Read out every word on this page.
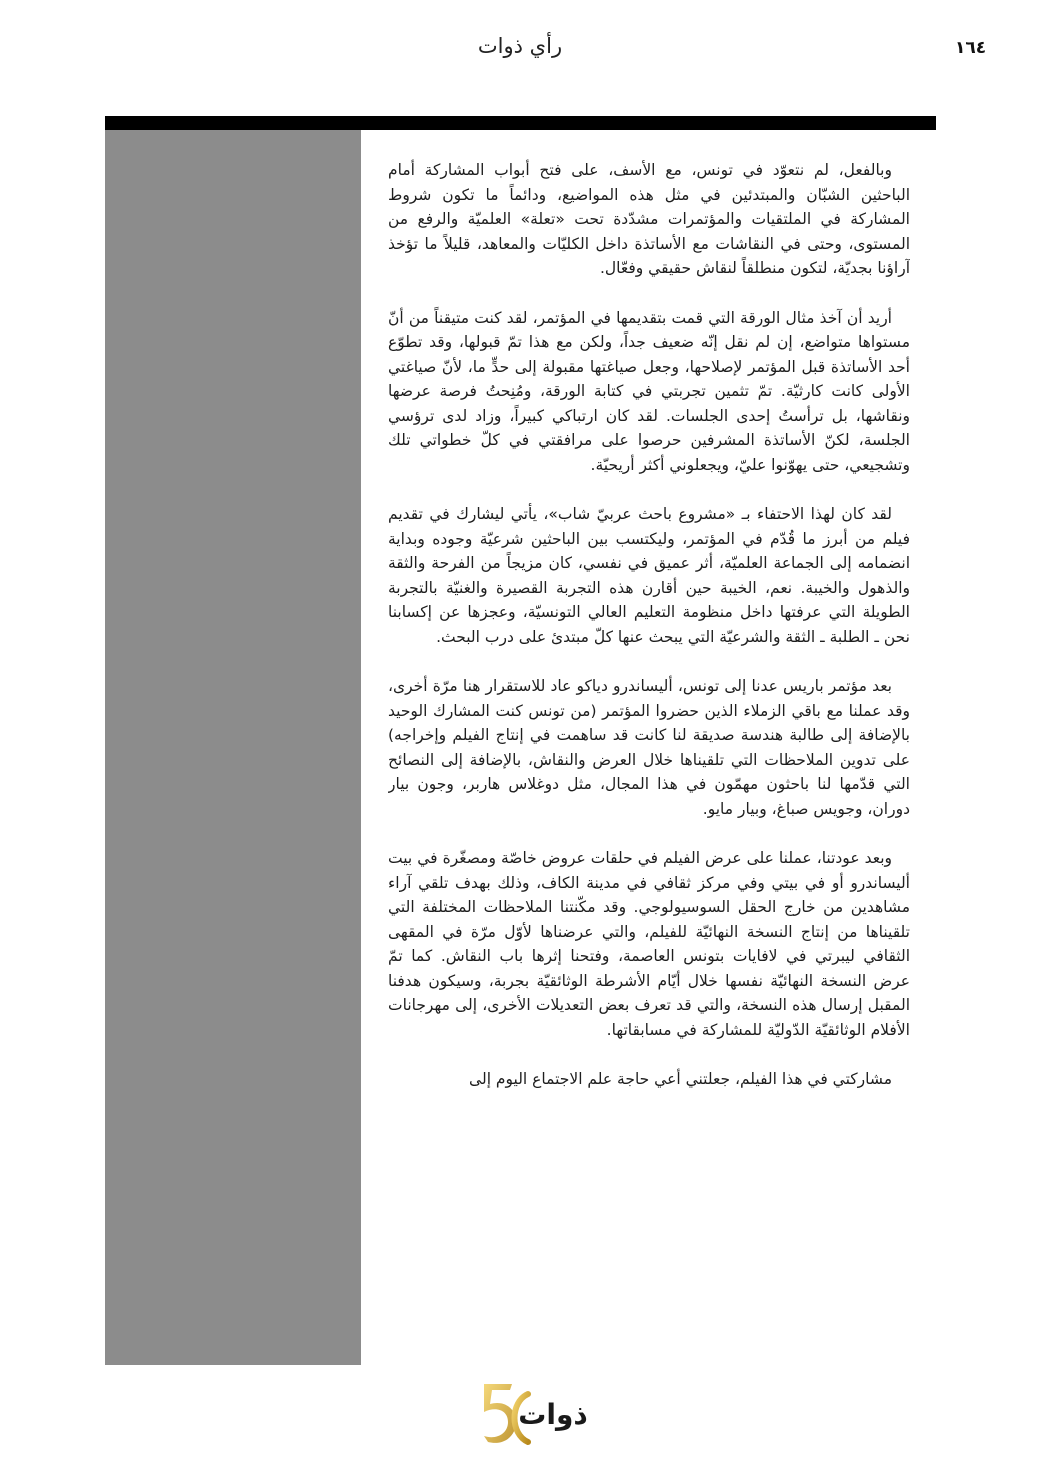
رأي ذوات	١٦٤

وبالفعل، لم نتعوّد في تونس، مع الأسف، على فتح أبواب المشاركة أمام الباحثين الشبّان والمبتدئين في مثل هذه المواضيع، ودائماً ما تكون شروط المشاركة في الملتقيات والمؤتمرات مشدّدة تحت «تعلة» العلميّة والرفع من المستوى، وحتى في النقاشات مع الأساتذة داخل الكليّات والمعاهد، قليلاً ما تؤخذ آراؤنا بجديّة، لتكون منطلقاً لنقاش حقيقي وفعّال.

أريد أن آخذ مثال الورقة التي قمت بتقديمها في المؤتمر، لقد كنت متيقناً من أنّ مستواها متواضع، إن لم نقل إنّه ضعيف جداً، ولكن مع هذا تمّ قبولها، وقد تطوّع أحد الأساتذة قبل المؤتمر لإصلاحها، وجعل صياغتها مقبولة إلى حدٍّ ما، لأنّ صياغتي الأولى كانت كارثيّة. تمّ تثمين تجربتي في كتابة الورقة، ومُنِحتُ فرصة عرضها ونقاشها، بل ترأستُ إحدى الجلسات. لقد كان ارتباكي كبيراً، وزاد لدى ترؤسي الجلسة، لكنّ الأساتذة المشرفين حرصوا على مرافقتي في كلّ خطواتي تلك وتشجيعي، حتى يهوّنوا عليّ، ويجعلوني أكثر أريحيّة.

لقد كان لهذا الاحتفاء بـ «مشروع باحث عربيّ شاب»، يأتي ليشارك في تقديم فيلم من أبرز ما قُدّم في المؤتمر، وليكتسب بين الباحثين شرعيّة وجوده وبداية انضمامه إلى الجماعة العلميّة، أثر عميق في نفسي، كان مزيجاً من الفرحة والثقة والذهول والخيبة. نعم، الخيبة حين أقارن هذه التجربة القصيرة والغنيّة بالتجربة الطويلة التي عرفتها داخل منظومة التعليم العالي التونسيّة، وعجزها عن إكسابنا نحن ـ الطلبة ـ الثقة والشرعيّة التي يبحث عنها كلّ مبتدئ على درب البحث.

بعد مؤتمر باريس عدنا إلى تونس، أليساندرو دياكو عاد للاستقرار هنا مرّة أخرى، وقد عملنا مع باقي الزملاء الذين حضروا المؤتمر (من تونس كنت المشارك الوحيد بالإضافة إلى طالبة هندسة صديقة لنا كانت قد ساهمت في إنتاج الفيلم وإخراجه) على تدوين الملاحظات التي تلقيناها خلال العرض والنقاش، بالإضافة إلى النصائح التي قدّمها لنا باحثون مهمّون في هذا المجال، مثل دوغلاس هاربر، وجون بيار دوران، وجويس صباغ، وبيار مايو.

وبعد عودتنا، عملنا على عرض الفيلم في حلقات عروض خاصّة ومصغّرة في بيت أليساندرو أو في بيتي وفي مركز ثقافي في مدينة الكاف، وذلك بهدف تلقي آراء مشاهدين من خارج الحقل السوسيولوجي. وقد مكّنتنا الملاحظات المختلفة التي تلقيناها من إنتاج النسخة النهائيّة للفيلم، والتي عرضناها لأوّل مرّة في المقهى الثقافي ليبرتي في لافايات بتونس العاصمة، وفتحنا إثرها باب النقاش. كما تمّ عرض النسخة النهائيّة نفسها خلال أيّام الأشرطة الوثائقيّة بجربة، وسيكون هدفنا المقبل إرسال هذه النسخة، والتي قد تعرف بعض التعديلات الأخرى، إلى مهرجانات الأفلام الوثائقيّة الدّوليّة للمشاركة في مسابقاتها.

مشاركتي في هذا الفيلم، جعلتني أعي حاجة علم الاجتماع اليوم إلى

ذوات
